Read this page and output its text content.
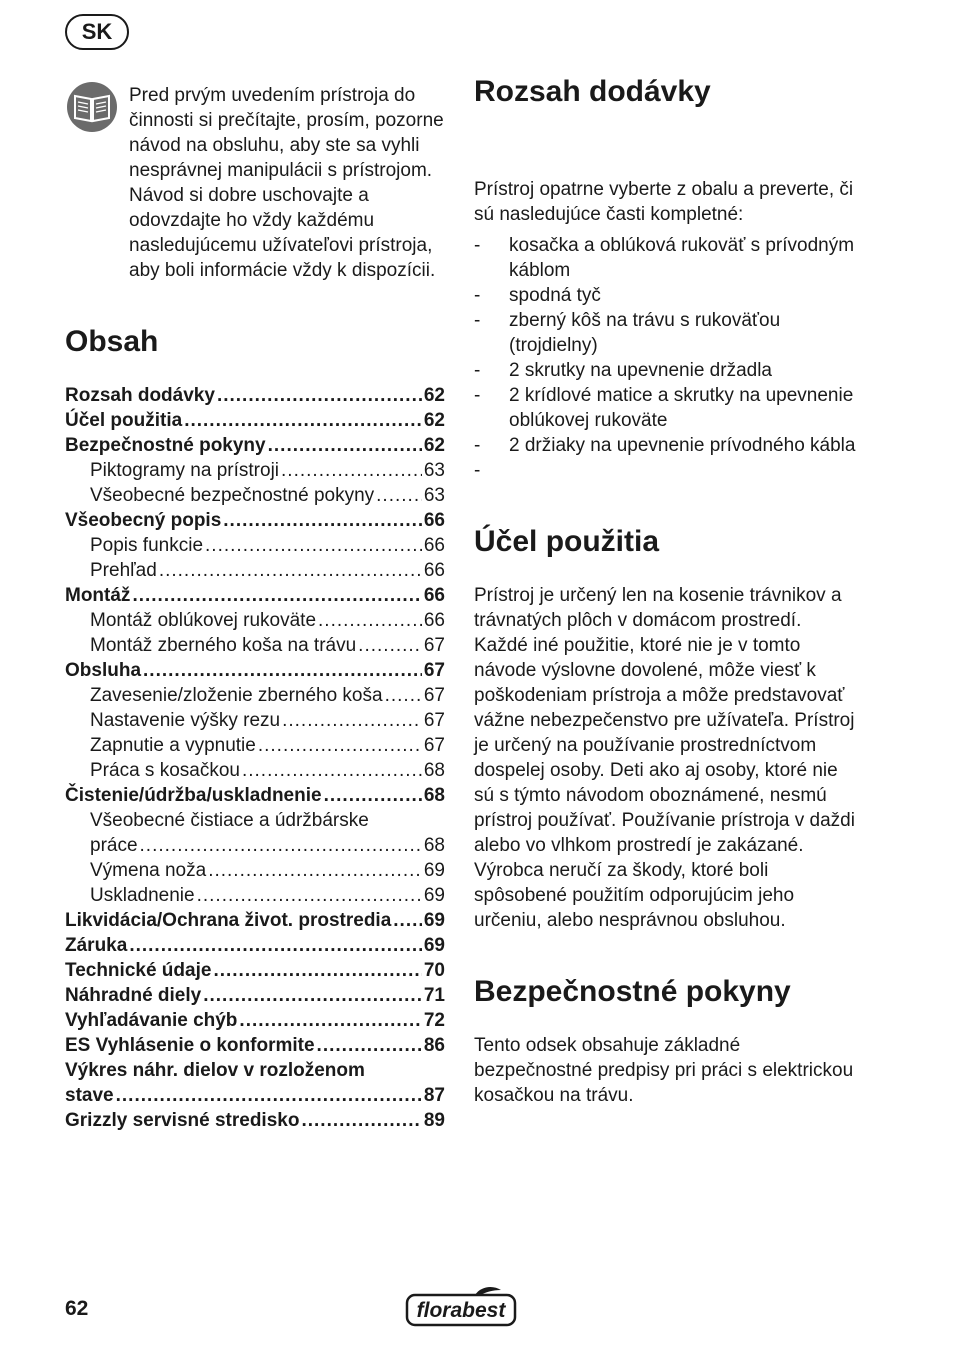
SK

Pred prvým uvedením prístroja do činnosti si prečítajte, prosím, pozorne návod na obsluhu, aby ste sa vyhli nesprávnej manipulácii s prístrojom.

Návod si dobre uschovajte a odovzdajte ho vždy každému nasledujúcemu užívateľovi prístroja, aby boli informácie vždy k dispozícii.

Obsah
Rozsah dodávky .....	62
Účel použitia .....	62
Bezpečnostné pokyny .....	62
Piktogramy na prístroji .....	63
Všeobecné bezpečnostné pokyny .....	63
Všeobecný popis .....	66
Popis funkcie .....	66
Prehľad .....	66
Montáž .....	66
Montáž oblúkovej rukoväte .....	66
Montáž zberného koša na trávu .....	67
Obsluha .....	67
Zavesenie/zloženie zberného koša ..... 67
Nastavenie výšky rezu .....	67
Zapnutie a vypnutie .....	67
Práca s kosačkou .....	68
Čistenie/údržba/uskladnenie .....	68
Všeobecné čistiace a údržbárske
práce .....	68
Výmena noža .....	69
Uskladnenie .....	69
Likvidácia/Ochrana život. prostredia ..... 69
Záruka .....	69
Technické údaje .....	70
Náhradné diely .....	71
Vyhľadávanie chýb .....	72
ES Vyhlásenie o konformite .....	86
Výkres náhr. dielov v rozloženom
stave .....	87
Grizzly servisné stredisko .....	89
Rozsah dodávky

Prístroj opatrne vyberte z obalu a preverte, či sú nasledujúce časti kompletné:

- kosačka a oblúková rukoväť s prívodným káblom
- spodná tyč
- zberný kôš na trávu s rukoväťou (trojdielny)
- 2 skrutky na upevnenie držadla
- 2 krídlové matice a skrutky na upevnenie oblúkovej rukoväte
- 2 držiaky na upevnenie prívodného kábla
-
Účel použitia

Prístroj je určený len na kosenie trávnikov a trávnatých plôch v domácom prostredí. Každé iné použitie, ktoré nie je v tomto návode výslovne dovolené, môže viesť k poškodeniam prístroja a môže predstavovať vážne nebezpečenstvo pre užívateľa. Prístroj je určený na používanie prostredníctvom dospelej osoby. Deti ako aj osoby, ktoré nie sú s týmto návodom oboznámené, nesmú prístroj používať. Používanie prístroja v daždi alebo vo vlhkom prostredí je zakázané.

Výrobca neručí za škody, ktoré boli spôsobené použitím odporujúcim jeho určeniu, alebo nesprávnou obsluhou.

Bezpečnostné pokyny

Tento odsek obsahuje základné bezpečnostné predpisy pri práci s elektrickou kosačkou na trávu.

62	florabest
